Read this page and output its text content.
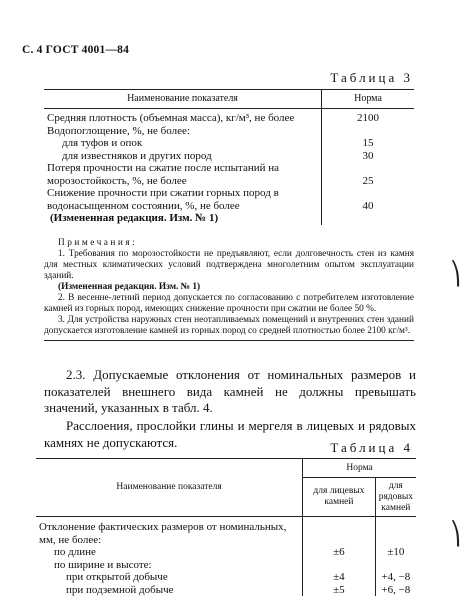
С. 4 ГОСТ 4001—84
Таблица 3
Наименование показателя	Норма
Средняя плотность (объемная масса), кг/м³, не более	2100
Водопоглощение, %, не более:	
для туфов и опок	15
для известняков и других пород	30
Потеря прочности на сжатие после испытаний на морозостойкость, %, не более	25
Снижение прочности при сжатии горных пород в водонасыщенном состоянии, %, не более	40
(Измененная редакция. Изм. № 1)	
Примечания:

1. Требования по морозостойкости не предъявляют, если долговечность стен из камня для местных климатических условий подтверждена многолетним опытом эксплуатации зданий.

(Измененная редакция. Изм. № 1)

2. В весенне-летний период допускается по согласованию с потребителем изготовление камней из горных пород, имеющих снижение прочности при сжатии не более 50 %.

3. Для устройства наружных стен неотапливаемых помещений и внутренних стен зданий допускается изготовление камней из горных пород со средней плотностью более 2100 кг/м³.

2.3. Допускаемые отклонения от номинальных размеров и показателей внешнего вида камней не должны превышать значений, указанных в табл. 4.

Расслоения, прослойки глины и мергеля в лицевых и рядовых камнях не допускаются.	Таблица 4
Наименование показателя	Норма	
	для лицевых камней	для рядовых камней
Отклонение фактических размеров от номинальных, мм, не более:		
по длине	±6	±10
по ширине и высоте:		
при открытой добыче	±4	+4, −8
при подземной добыче	±5	+6, −8
⎞
⎞
